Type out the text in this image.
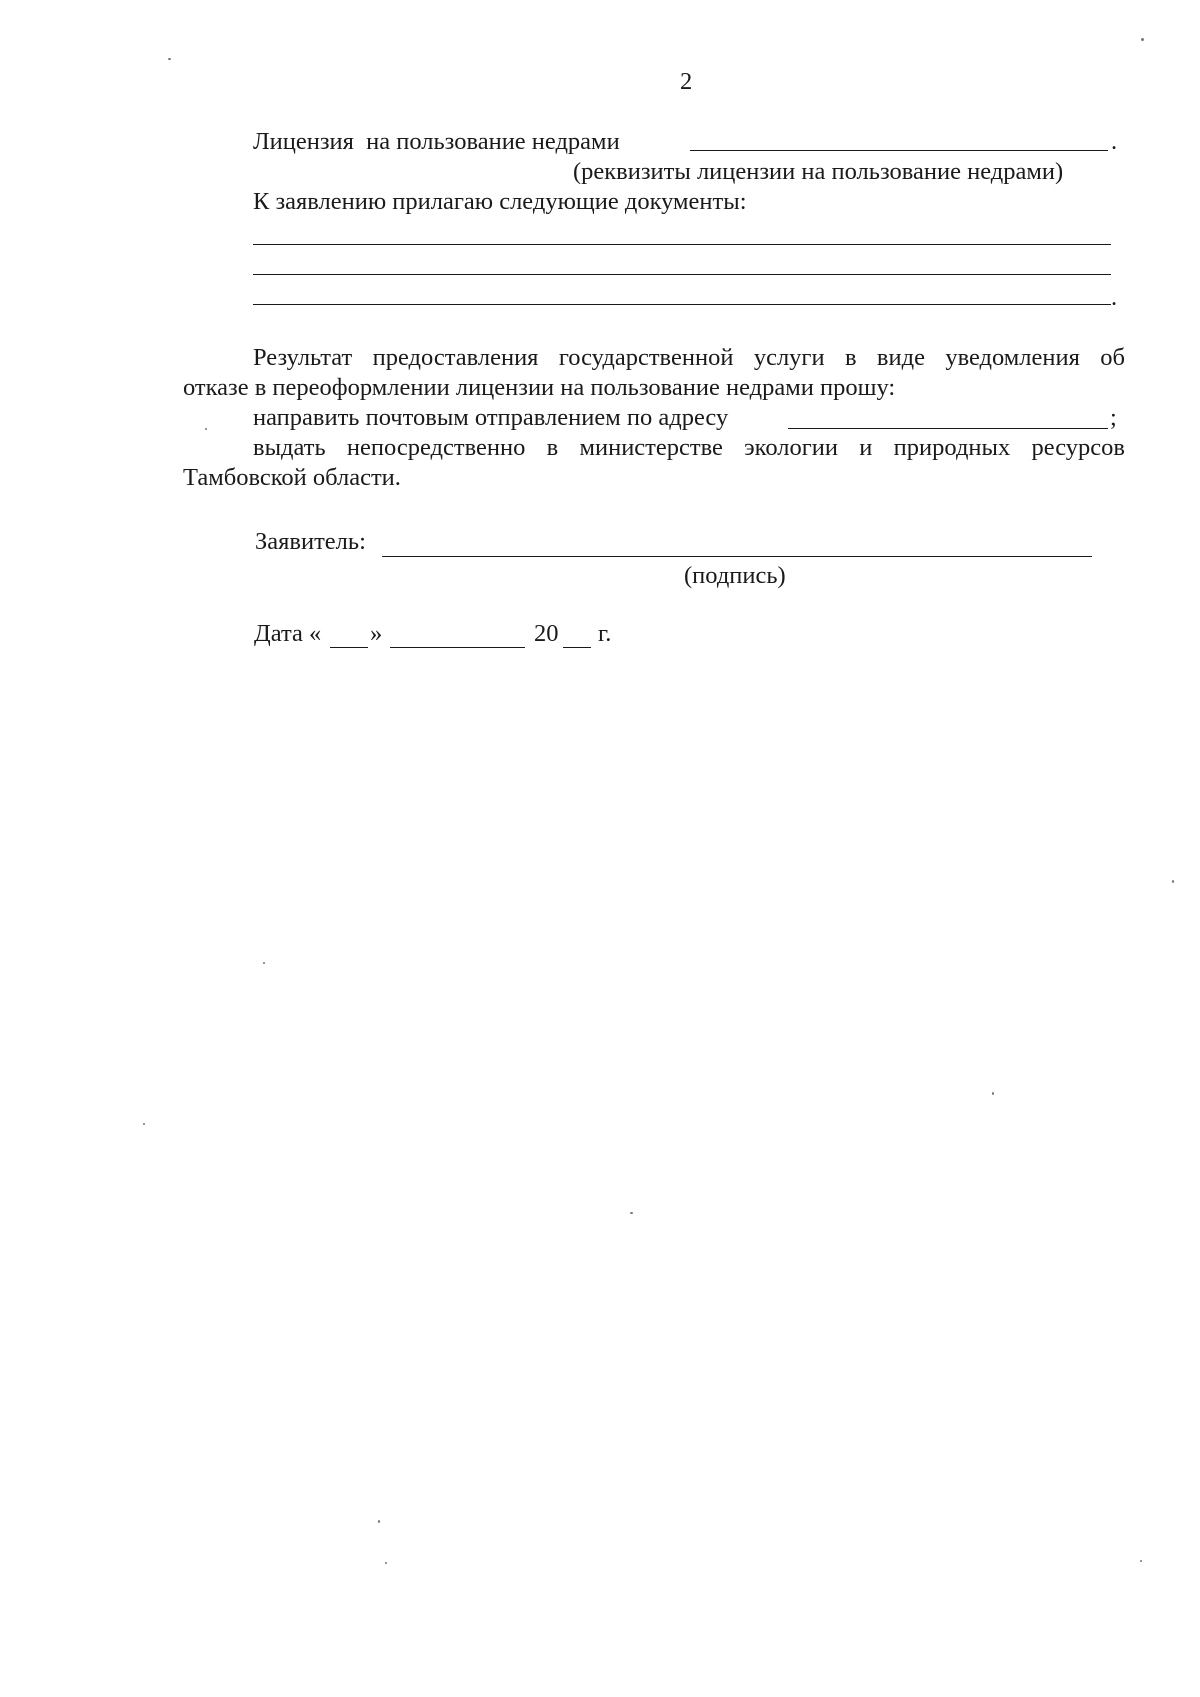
2
Лицензия  на пользование недрами	.
(реквизиты лицензии на пользование недрами)
К заявлению прилагаю следующие документы:
.
Результат предоставления государственной услуги в виде уведомления об
отказе в переоформлении лицензии на пользование недрами прошу:
направить почтовым отправлением по адресу	;
выдать непосредственно в министерстве экологии и природных ресурсов
Тамбовской области.
Заявитель:
(подпись)
Дата « »	20 г.
